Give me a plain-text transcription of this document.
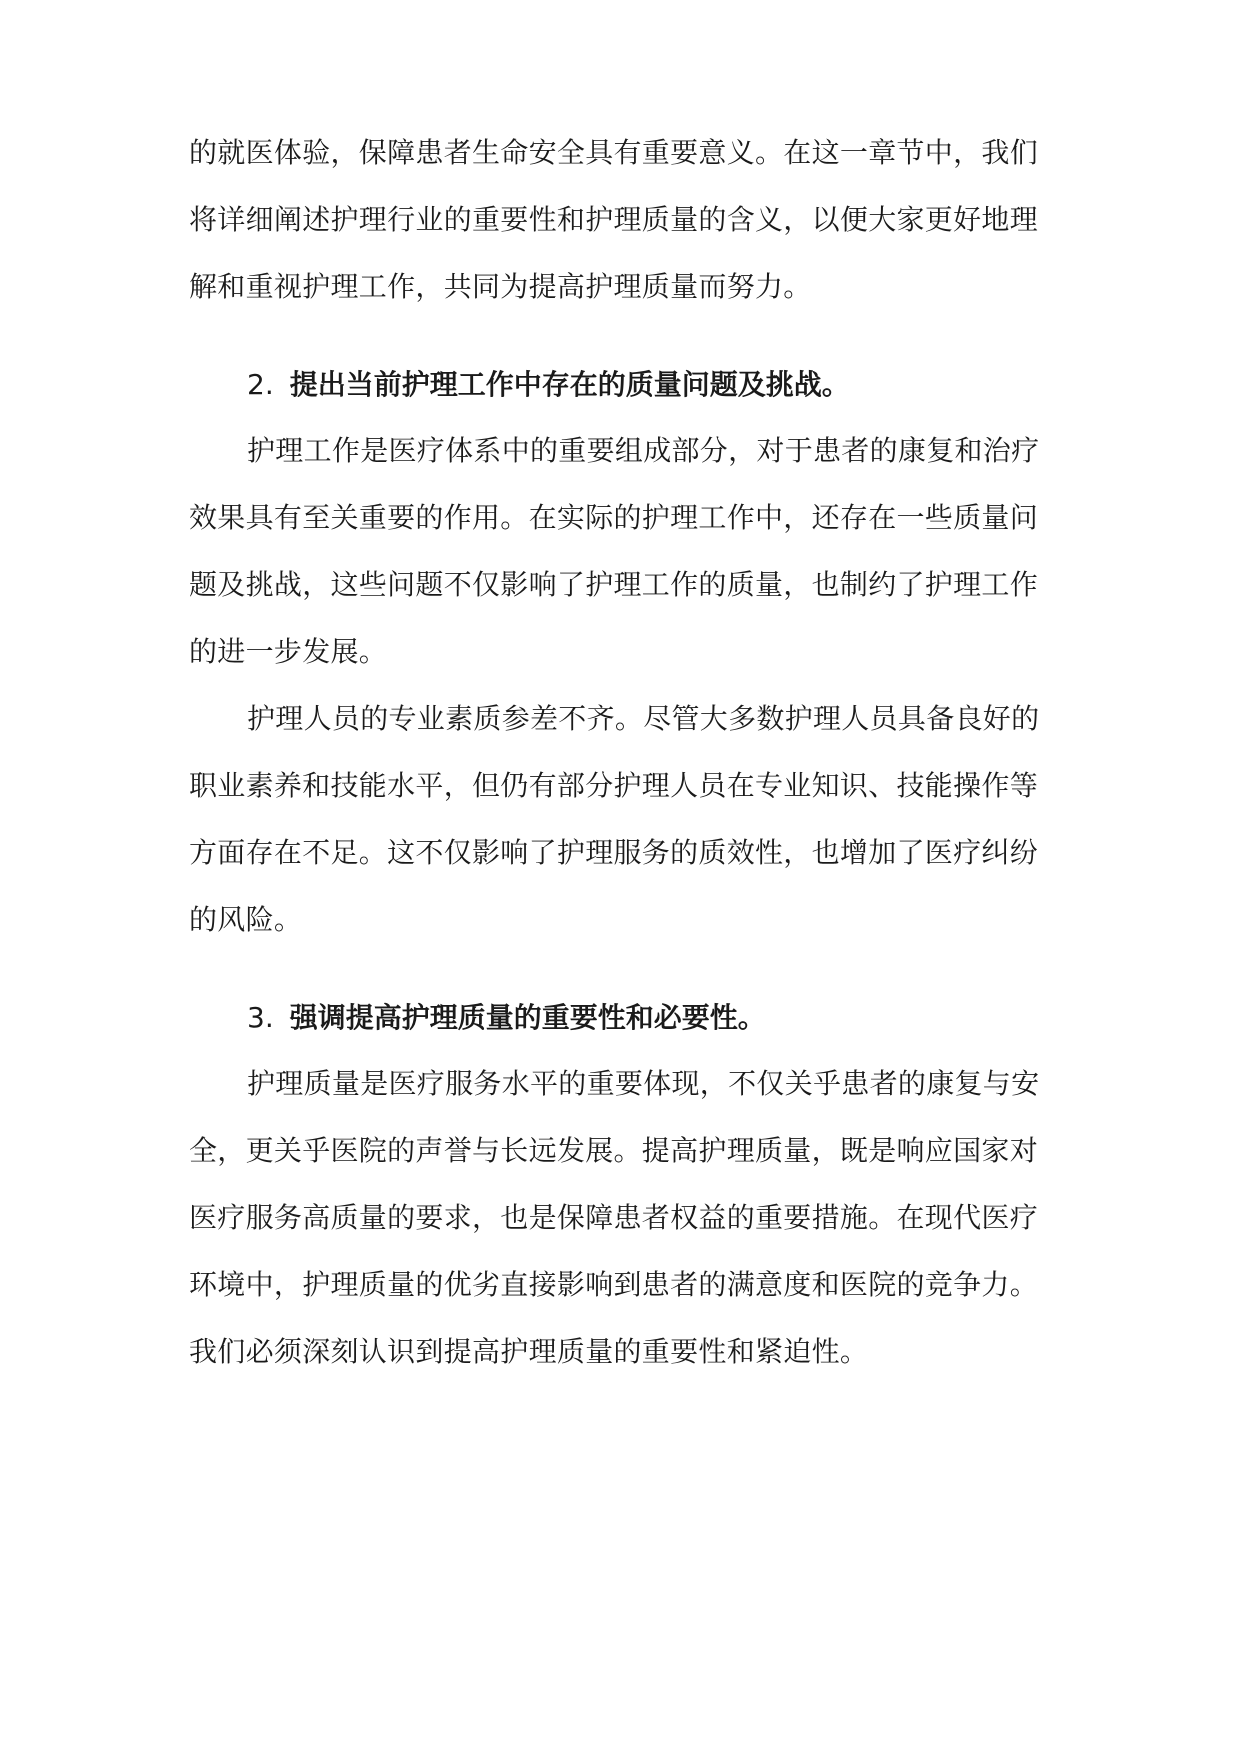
的就医体验，保障患者生命安全具有重要意义。在这一章节中，我们
将详细阐述护理行业的重要性和护理质量的含义，以便大家更好地理
解和重视护理工作，共同为提高护理质量而努力。
2. 提出当前护理工作中存在的质量问题及挑战。
护理工作是医疗体系中的重要组成部分，对于患者的康复和治疗
效果具有至关重要的作用。在实际的护理工作中，还存在一些质量问
题及挑战，这些问题不仅影响了护理工作的质量，也制约了护理工作
的进一步发展。
护理人员的专业素质参差不齐。尽管大多数护理人员具备良好的
职业素养和技能水平，但仍有部分护理人员在专业知识、技能操作等
方面存在不足。这不仅影响了护理服务的质效性，也增加了医疗纠纷
的风险。
3. 强调提高护理质量的重要性和必要性。
护理质量是医疗服务水平的重要体现，不仅关乎患者的康复与安
全，更关乎医院的声誉与长远发展。提高护理质量，既是响应国家对
医疗服务高质量的要求，也是保障患者权益的重要措施。在现代医疗
环境中，护理质量的优劣直接影响到患者的满意度和医院的竞争力。
我们必须深刻认识到提高护理质量的重要性和紧迫性。
